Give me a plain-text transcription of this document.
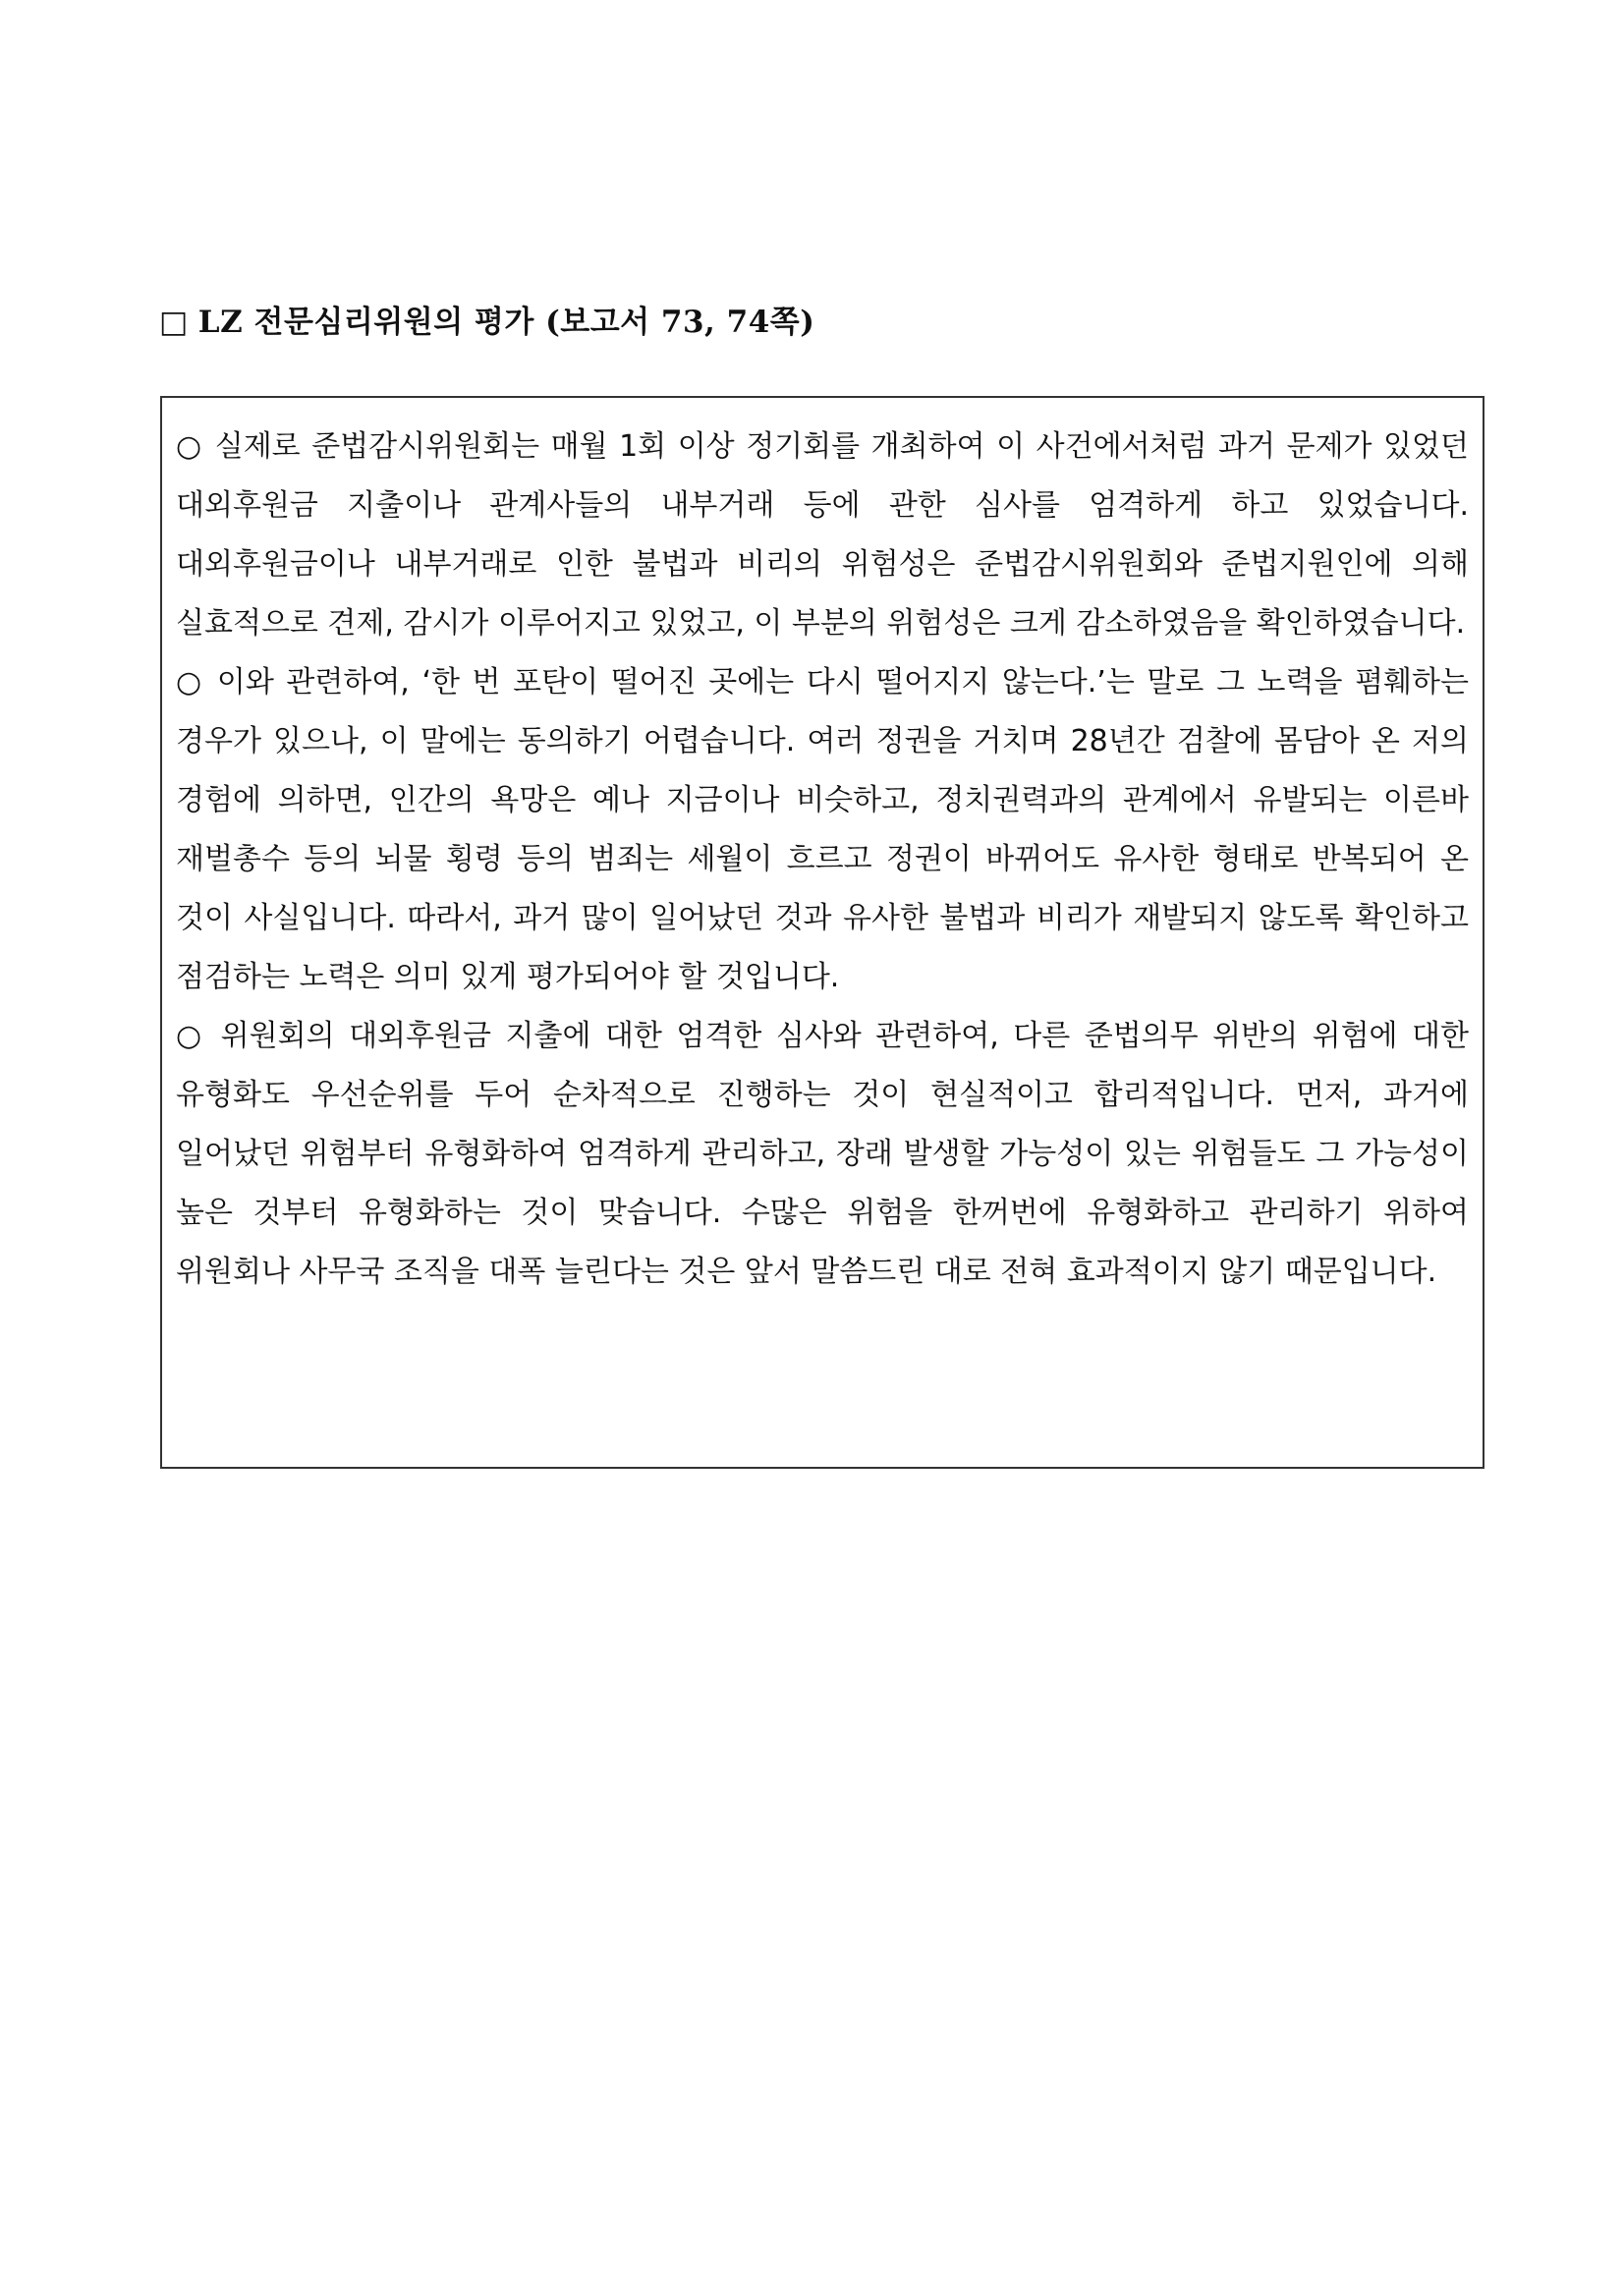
□ LZ 전문심리위원의 평가 (보고서 73, 74쪽)

○ 실제로 준법감시위원회는 매월 1회 이상 정기회를 개최하여 이 사건에서처럼 과거 문제가 있었던 대외후원금 지출이나 관계사들의 내부거래 등에 관한 심사를 엄격하게 하고 있었습니다. 대외후원금이나 내부거래로 인한 불법과 비리의 위험성은 준법감시위원회와 준법지원인에 의해 실효적으로 견제, 감시가 이루어지고 있었고, 이 부분의 위험성은 크게 감소하였음을 확인하였습니다.

○ 이와 관련하여, ‘한 번 포탄이 떨어진 곳에는 다시 떨어지지 않는다.’는 말로 그 노력을 폄훼하는 경우가 있으나, 이 말에는 동의하기 어렵습니다. 여러 정권을 거치며 28년간 검찰에 몸담아 온 저의 경험에 의하면, 인간의 욕망은 예나 지금이나 비슷하고, 정치권력과의 관계에서 유발되는 이른바 재벌총수 등의 뇌물 횡령 등의 범죄는 세월이 흐르고 정권이 바뀌어도 유사한 형태로 반복되어 온 것이 사실입니다. 따라서, 과거 많이 일어났던 것과 유사한 불법과 비리가 재발되지 않도록 확인하고 점검하는 노력은 의미 있게 평가되어야 할 것입니다.

○ 위원회의 대외후원금 지출에 대한 엄격한 심사와 관련하여, 다른 준법의무 위반의 위험에 대한 유형화도 우선순위를 두어 순차적으로 진행하는 것이 현실적이고 합리적입니다. 먼저, 과거에 일어났던 위험부터 유형화하여 엄격하게 관리하고, 장래 발생할 가능성이 있는 위험들도 그 가능성이 높은 것부터 유형화하는 것이 맞습니다. 수많은 위험을 한꺼번에 유형화하고 관리하기 위하여 위원회나 사무국 조직을 대폭 늘린다는 것은 앞서 말씀드린 대로 전혀 효과적이지 않기 때문입니다.
